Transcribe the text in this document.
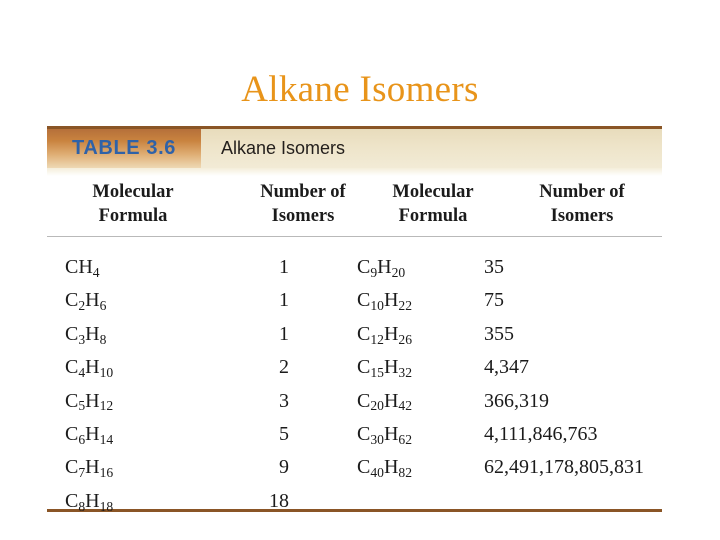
Alkane Isomers
TABLE 3.6	Alkane Isomers
Molecular
Formula
Number of
Isomers
Molecular
Formula
Number of
Isomers
$CH_4$
$C_2H_6$
$C_3H_8$
$C_4H_{10}$
$C_5H_{12}$
$C_6H_{14}$
$C_7H_{16}$
$C_8H_{18}$
1
1
1
2
3
5
9
18
$C_9H_{20}$
$C_{10}H_{22}$
$C_{12}H_{26}$
$C_{15}H_{32}$
$C_{20}H_{42}$
$C_{30}H_{62}$
$C_{40}H_{82}$
35
75
355
4,347
366,319
4,111,846,763
62,491,178,805,831
